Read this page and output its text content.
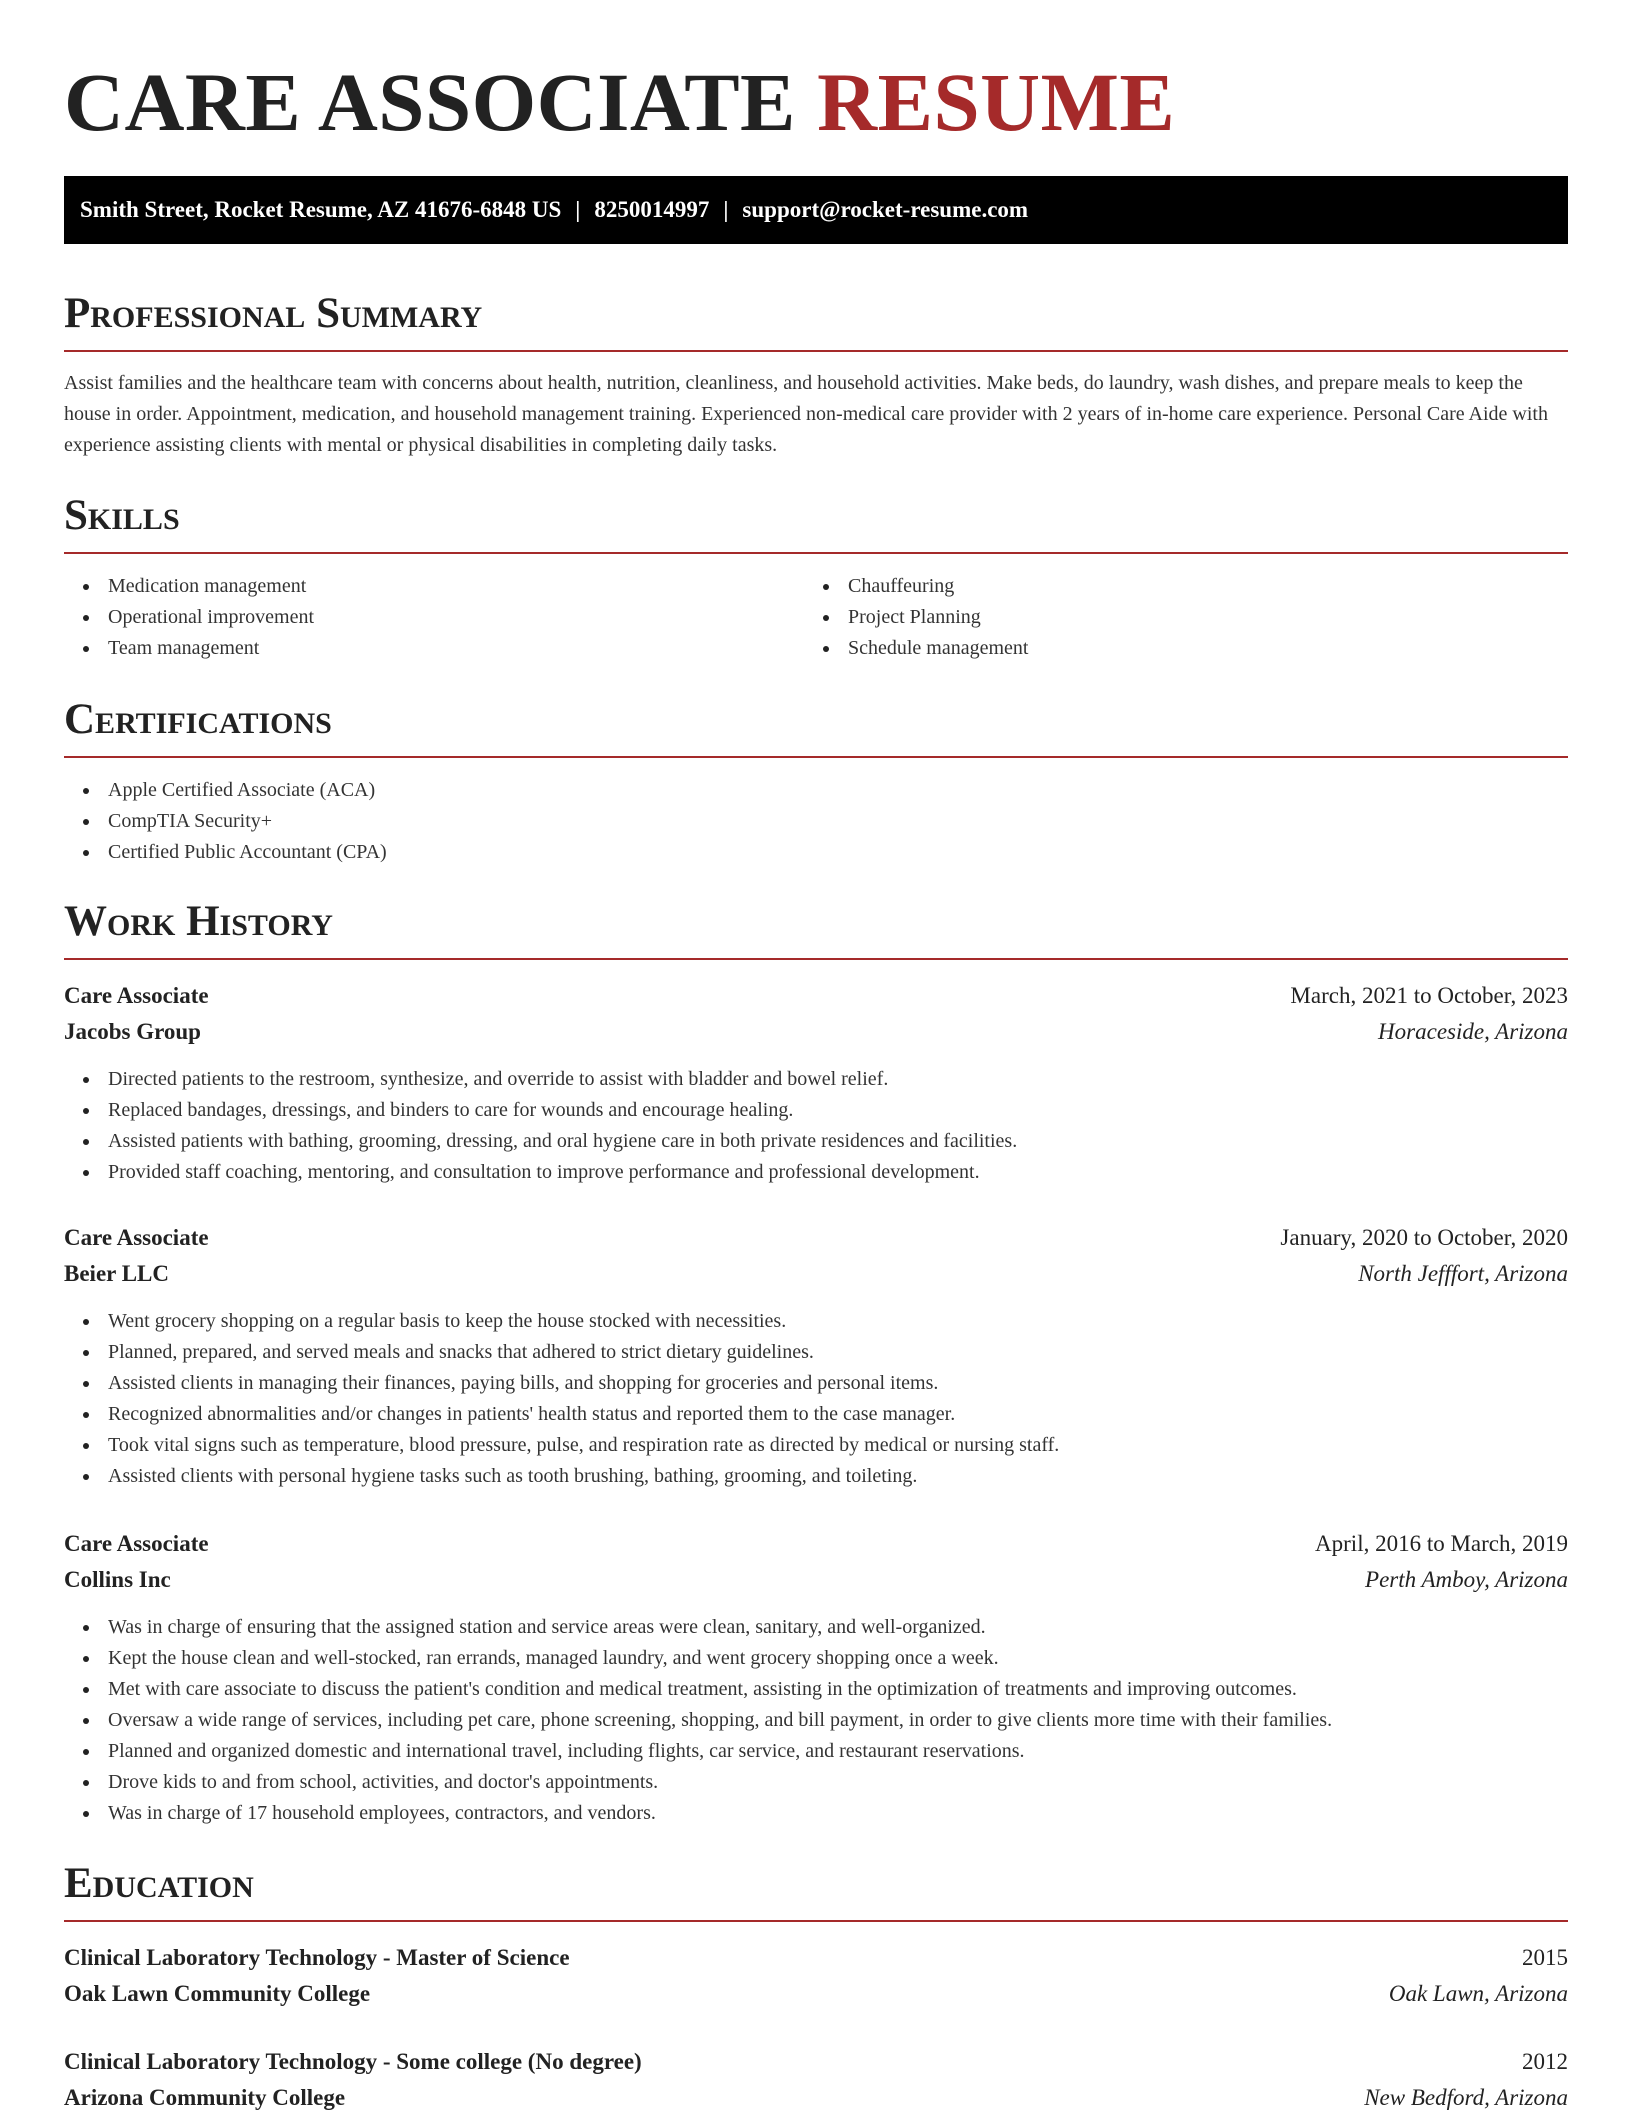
CARE ASSOCIATE RESUME
Smith Street, Rocket Resume, AZ 41676-6848 US | 8250014997 | support@rocket-resume.com
Professional Summary

Assist families and the healthcare team with concerns about health, nutrition, cleanliness, and household activities. Make beds, do laundry, wash dishes, and prepare meals to keep the house in order. Appointment, medication, and household management training. Experienced non-medical care provider with 2 years of in-home care experience. Personal Care Aide with experience assisting clients with mental or physical disabilities in completing daily tasks.

Skills
Medication management
Operational improvement
Team management
Chauffeuring
Project Planning
Schedule management
Certifications
Apple Certified Associate (ACA)
CompTIA Security+
Certified Public Accountant (CPA)
Work History
Care Associate	March, 2021 to October, 2023
Jacobs Group	Horaceside, Arizona
Directed patients to the restroom, synthesize, and override to assist with bladder and bowel relief.
Replaced bandages, dressings, and binders to care for wounds and encourage healing.
Assisted patients with bathing, grooming, dressing, and oral hygiene care in both private residences and facilities.
Provided staff coaching, mentoring, and consultation to improve performance and professional development.
Care Associate	January, 2020 to October, 2020
Beier LLC	North Jefffort, Arizona
Went grocery shopping on a regular basis to keep the house stocked with necessities.
Planned, prepared, and served meals and snacks that adhered to strict dietary guidelines.
Assisted clients in managing their finances, paying bills, and shopping for groceries and personal items.
Recognized abnormalities and/or changes in patients' health status and reported them to the case manager.
Took vital signs such as temperature, blood pressure, pulse, and respiration rate as directed by medical or nursing staff.
Assisted clients with personal hygiene tasks such as tooth brushing, bathing, grooming, and toileting.
Care Associate	April, 2016 to March, 2019
Collins Inc	Perth Amboy, Arizona
Was in charge of ensuring that the assigned station and service areas were clean, sanitary, and well-organized.
Kept the house clean and well-stocked, ran errands, managed laundry, and went grocery shopping once a week.
Met with care associate to discuss the patient's condition and medical treatment, assisting in the optimization of treatments and improving outcomes.
Oversaw a wide range of services, including pet care, phone screening, shopping, and bill payment, in order to give clients more time with their families.
Planned and organized domestic and international travel, including flights, car service, and restaurant reservations.
Drove kids to and from school, activities, and doctor's appointments.
Was in charge of 17 household employees, contractors, and vendors.
Education
Clinical Laboratory Technology - Master of Science	2015
Oak Lawn Community College	Oak Lawn, Arizona
Clinical Laboratory Technology - Some college (No degree)	2012
Arizona Community College	New Bedford, Arizona
